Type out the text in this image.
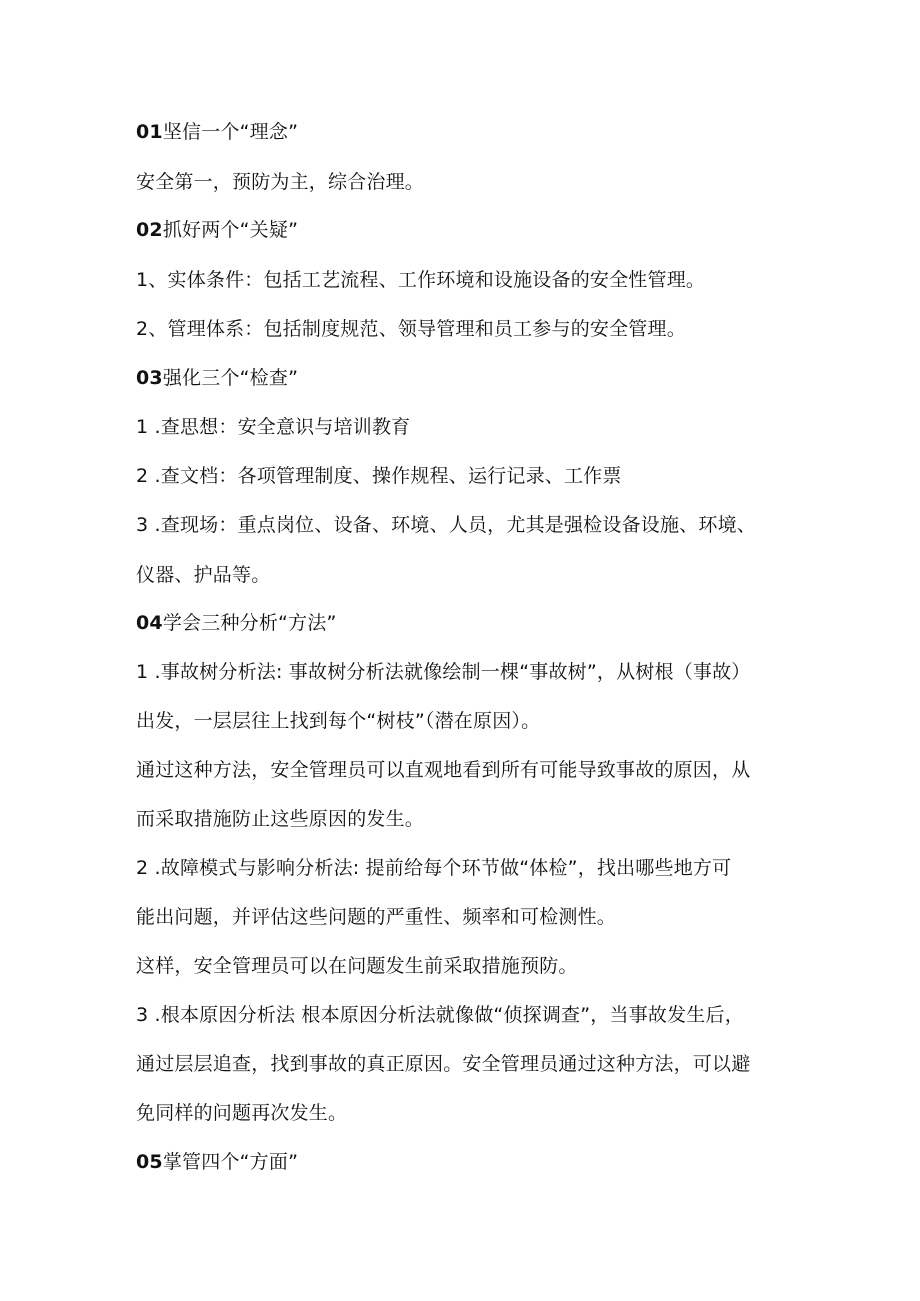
01坚信一个“理念”

安全第一，预防为主，综合治理。

02抓好两个“关疑”

1、实体条件：包括工艺流程、工作环境和设施设备的安全性管理。

2、管理体系：包括制度规范、领导管理和员工参与的安全管理。

03强化三个“检查”

1 .查思想：安全意识与培训教育

2 .查文档：各项管理制度、操作规程、运行记录、工作票

3 .查现场：重点岗位、设备、环境、人员，尤其是强检设备设施、环境、

仪器、护品等。

04学会三种分析“方法”

1 .事故树分析法: 事故树分析法就像绘制一棵“事故树”，从树根（事故）

出发，一层层往上找到每个“树枝”（潜在原因）。

通过这种方法，安全管理员可以直观地看到所有可能导致事故的原因，从

而采取措施防止这些原因的发生。

2 .故障模式与影响分析法: 提前给每个环节做“体检”，找出哪些地方可

能出问题，并评估这些问题的严重性、频率和可检测性。

这样，安全管理员可以在问题发生前采取措施预防。

3 .根本原因分析法 根本原因分析法就像做“侦探调查”，当事故发生后，

通过层层追查，找到事故的真正原因。安全管理员通过这种方法，可以避

免同样的问题再次发生。

05掌管四个“方面”
